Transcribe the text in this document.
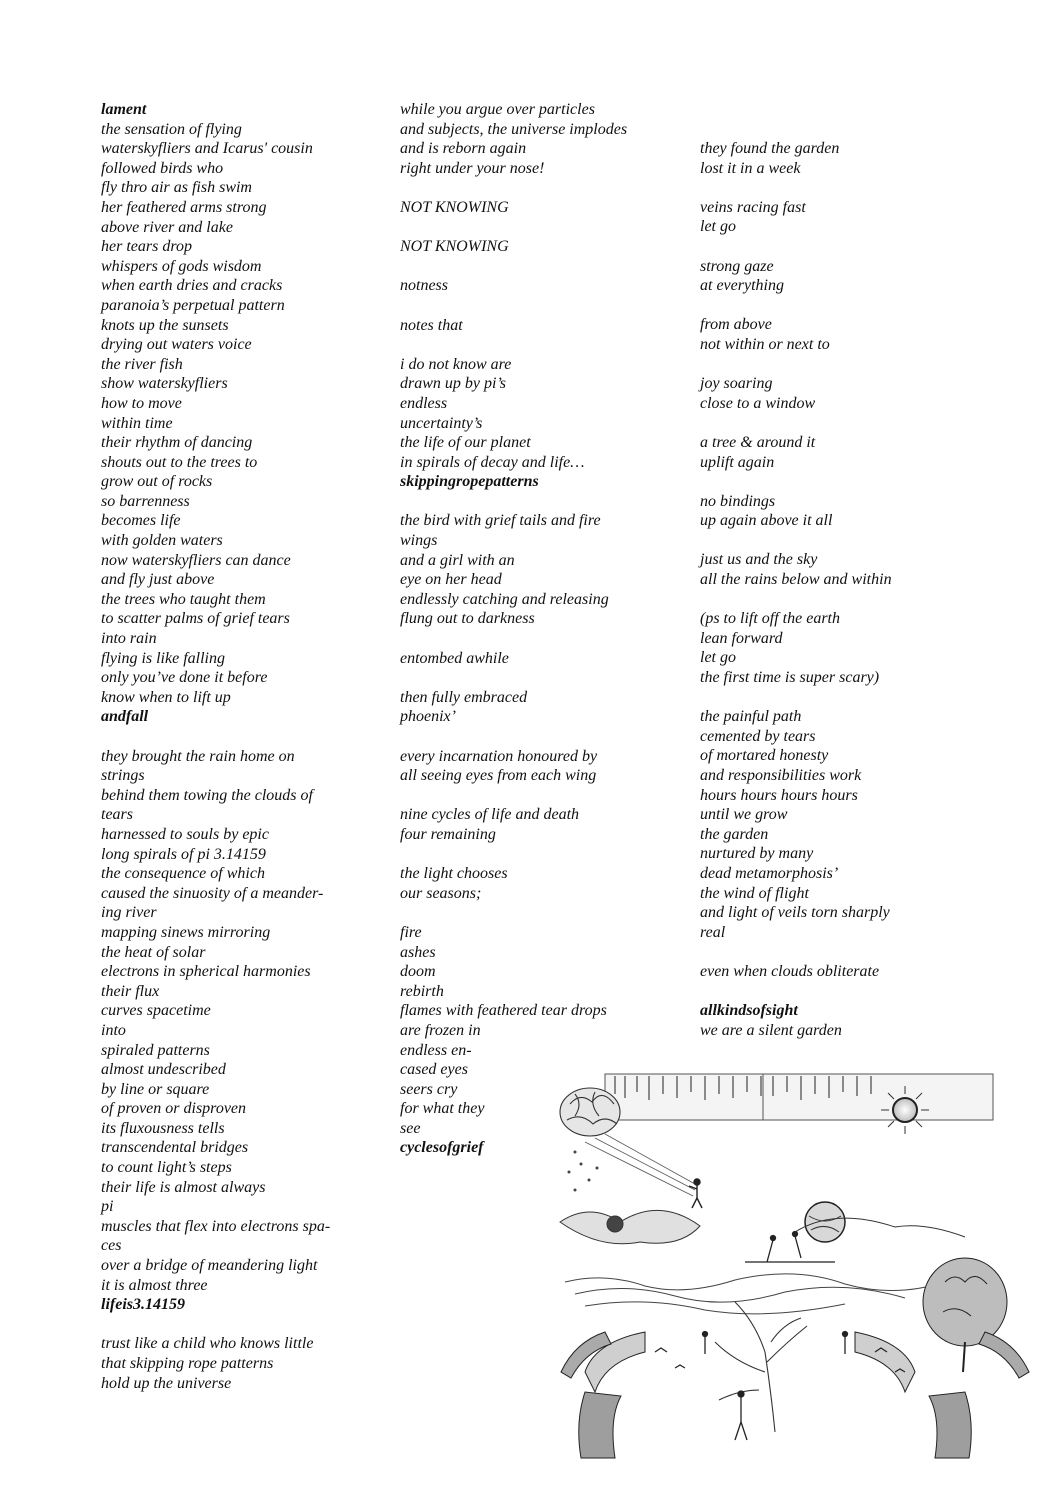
lament
the sensation of flying
waterskyfliers and Icarus' cousin
followed birds who
fly thro air as fish swim
her feathered arms strong
above river and lake
her tears drop
whispers of gods wisdom
when earth dries and cracks
paranoia’s perpetual pattern
knots up the sunsets
drying out waters voice
the river fish
show waterskyfliers
how to move
within time
their rhythm of dancing
shouts out to the trees to
grow out of rocks
so barrenness
becomes life
with golden waters
now waterskyfliers can dance
and fly just above
the trees who taught them
to scatter palms of grief tears
into rain
flying is like falling
only you’ve done it before
know when to lift up
andfall
they brought the rain home on
strings
behind them towing the clouds of
tears
harnessed to souls by epic
long spirals of pi 3.14159
the consequence of which
caused the sinuosity of a meander-
ing river
mapping sinews mirroring
the heat of solar
electrons in spherical harmonies
their flux
curves spacetime
into
spiraled patterns
almost undescribed
by line or square
of proven or disproven
its fluxousness tells
transcendental bridges
to count light’s steps
their life is almost always
pi
muscles that flex into electrons spa-
ces
over a bridge of meandering light
it is almost three
lifeis3.14159
trust like a child who knows little
that skipping rope patterns
hold up the universe
while you argue over particles
and subjects, the universe implodes
and is reborn again
right under your nose!
NOT KNOWING
NOT KNOWING
notness
notes that
i do not know are
drawn up by pi’s
endless
uncertainty’s
the life of our planet
in spirals of decay and life…
skippingropepatterns
the bird with grief tails and fire
wings
and a girl with an
eye on her head
endlessly catching and releasing
flung out to darkness
entombed awhile
then fully embraced
phoenix’
every incarnation honoured by
all seeing eyes from each wing
nine cycles of life and death
four remaining
the light chooses
our seasons;
fire
ashes
doom
rebirth
flames with feathered tear drops
are frozen in
endless en-
cased eyes
seers cry
for what they
see
cyclesofgrief
they found the garden
lost it in a week
veins racing fast
let go
strong gaze
at everything
from above
not within or next to
joy soaring
close to a window
a tree & around it
uplift again
no bindings
up again above it all
just us and the sky
all the rains below and within
(ps to lift off the earth
lean forward
let go
the first time is super scary)
the painful path
cemented by tears
of mortared honesty
and responsibilities work
hours hours hours hours
until we grow
the garden
nurtured by many
dead metamorphosis’
the wind of flight
and light of veils torn sharply
real
even when clouds obliterate
allkindsofsight
we are a silent garden
